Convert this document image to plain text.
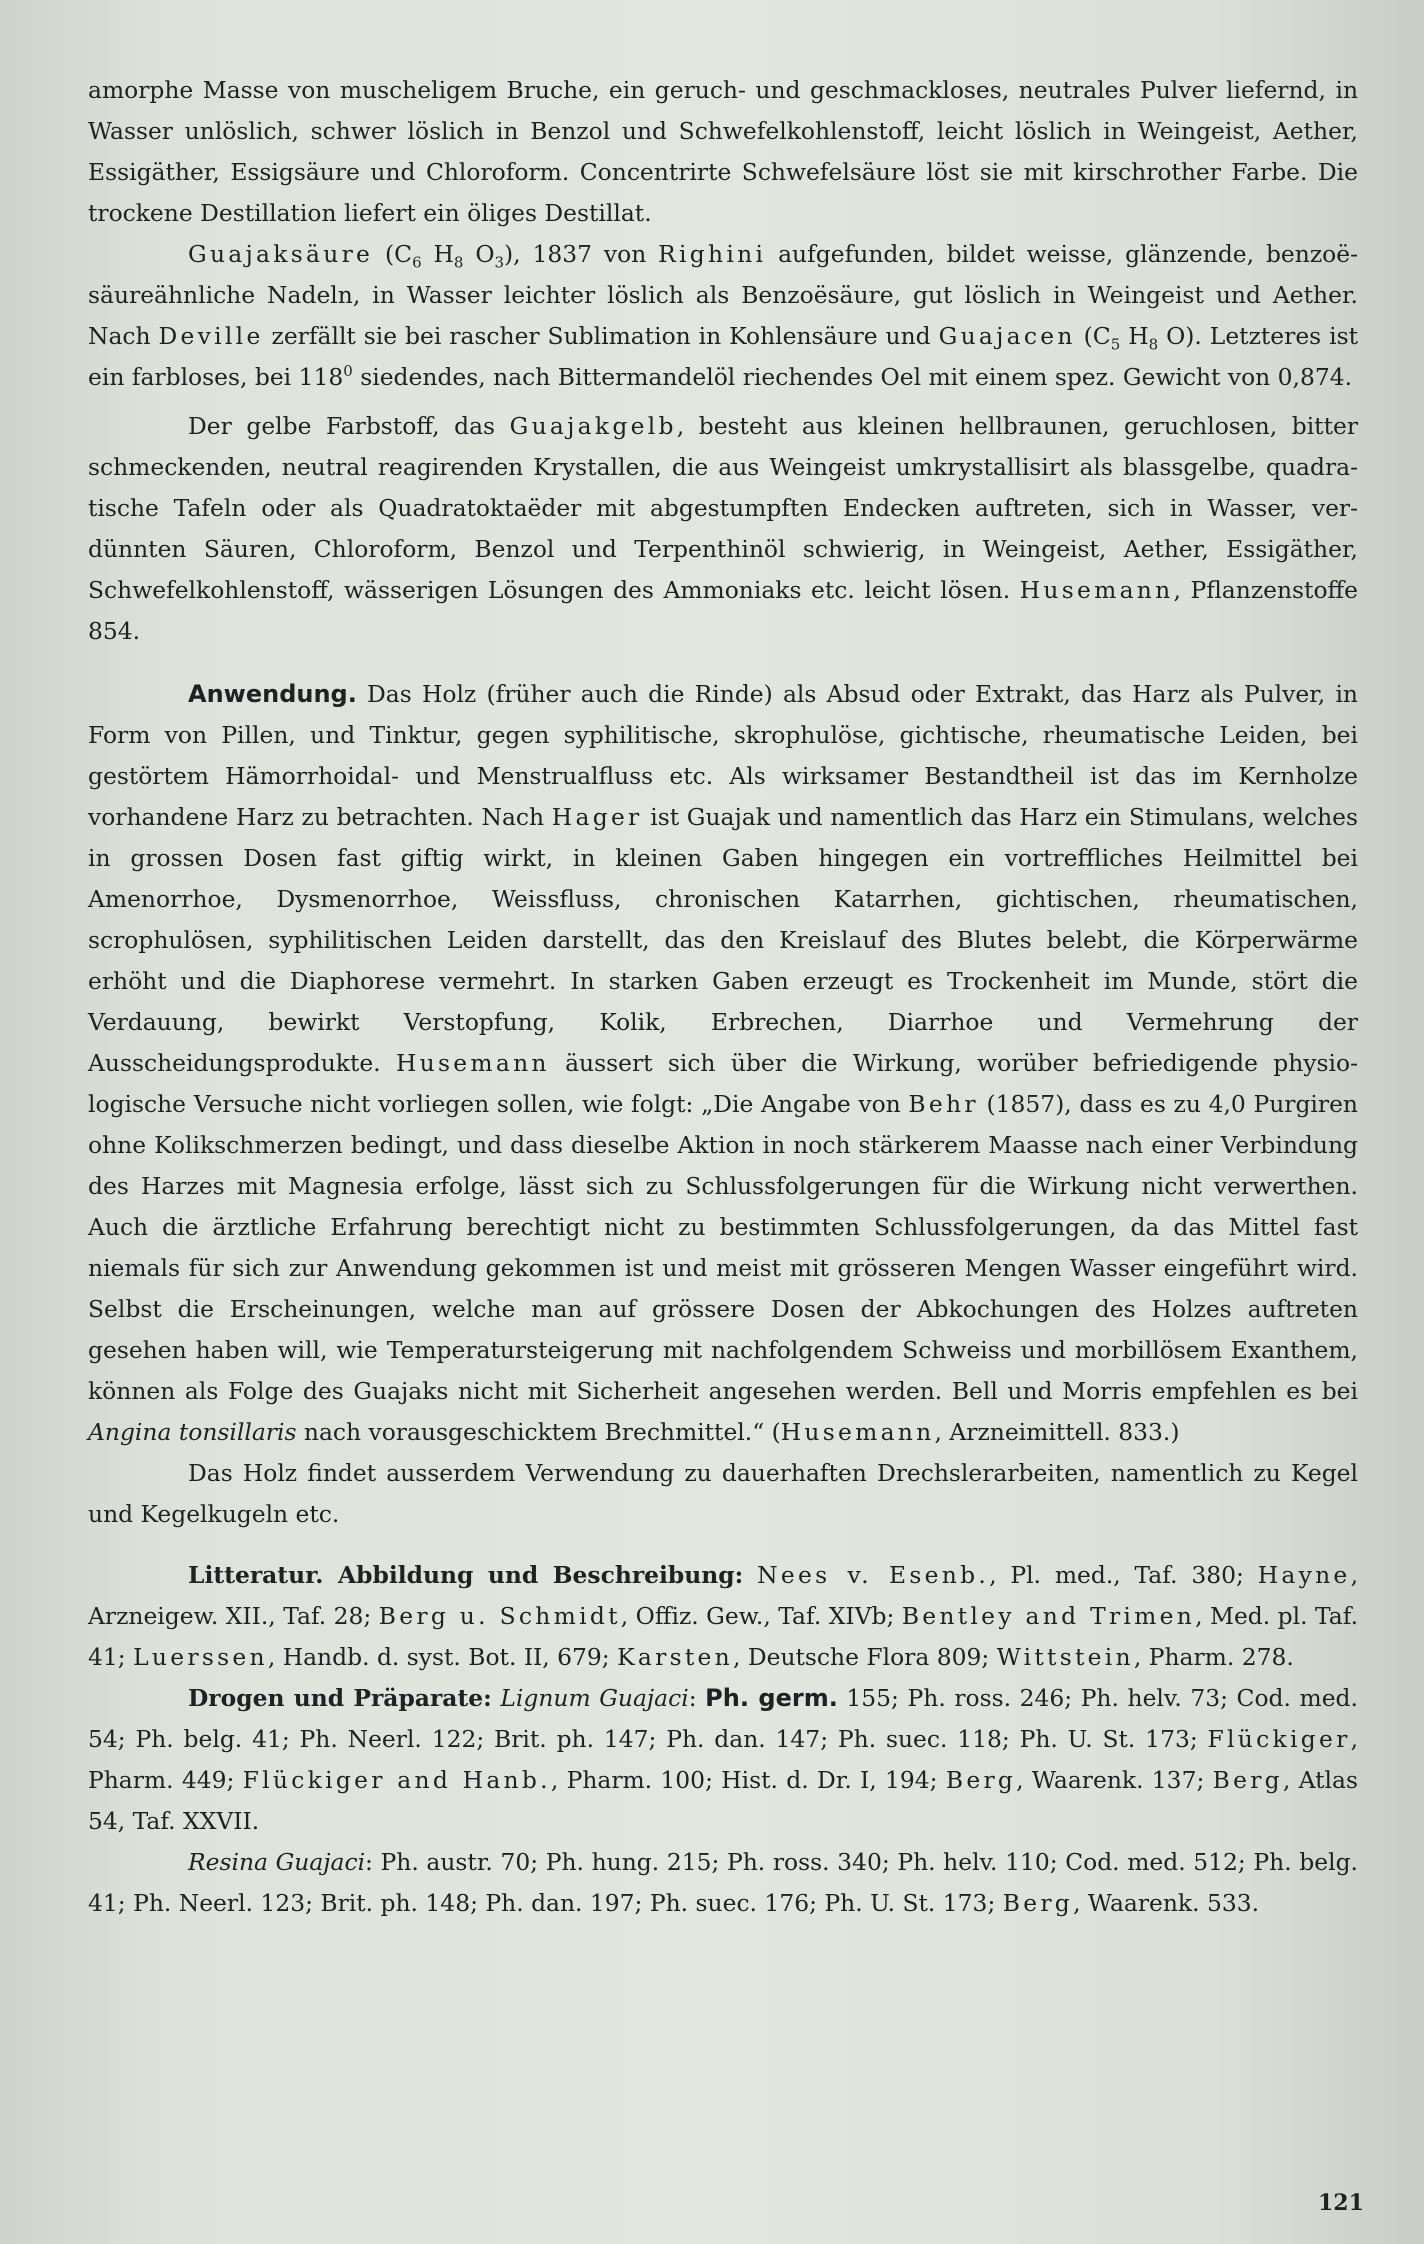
amorphe Masse von muscheligem Bruche, ein geruch- und geschmackloses, neutrales Pulver liefernd, in Wasser unlöslich, schwer löslich in Benzol und Schwefelkohlenstoff, leicht löslich in Weingeist, Aether, Essigäther, Essigsäure und Chloroform. Concentrirte Schwefelsäure löst sie mit kirschrother Farbe. Die trockene Destillation liefert ein öliges Destillat.

Guajaksäure ($C_6$ $H_8$ $O_3$), 1837 von Righini aufgefunden, bildet weisse, glänzende, benzoësäureähnliche Nadeln, in Wasser leichter löslich als Benzoësäure, gut löslich in Weingeist und Aether. Nach Deville zerfällt sie bei rascher Sublimation in Kohlensäure und Guajacen ($C_5$ $H_8$ O). Letzteres ist ein farbloses, bei $118^0$ siedendes, nach Bittermandelöl riechendes Oel mit einem spez. Gewicht von 0,874.

Der gelbe Farbstoff, das Guajakgelb, besteht aus kleinen hellbraunen, geruchlosen, bitter schmeckenden, neutral reagirenden Krystallen, die aus Weingeist umkrystallisirt als blassgelbe, quadratische Tafeln oder als Quadratoktaëder mit abgestumpften Endecken auftreten, sich in Wasser, verdünnten Säuren, Chloroform, Benzol und Terpenthinöl schwierig, in Weingeist, Aether, Essigäther, Schwefelkohlenstoff, wässerigen Lösungen des Ammoniaks etc. leicht lösen. Husemann, Pflanzenstoffe 854.

Anwendung. Das Holz (früher auch die Rinde) als Absud oder Extrakt, das Harz als Pulver, in Form von Pillen, und Tinktur, gegen syphilitische, skrophulöse, gichtische, rheumatische Leiden, bei gestörtem Hämorrhoidal- und Menstrualfluss etc. Als wirksamer Bestandtheil ist das im Kernholze vorhandene Harz zu betrachten. Nach Hager ist Guajak und namentlich das Harz ein Stimulans, welches in grossen Dosen fast giftig wirkt, in kleinen Gaben hingegen ein vortreffliches Heilmittel bei Amenorrhoe, Dysmenorrhoe, Weissfluss, chronischen Katarrhen, gichtischen, rheumatischen, scrophulösen, syphilitischen Leiden darstellt, das den Kreislauf des Blutes belebt, die Körperwärme erhöht und die Diaphorese vermehrt. In starken Gaben erzeugt es Trockenheit im Munde, stört die Verdauung, bewirkt Verstopfung, Kolik, Erbrechen, Diarrhoe und Vermehrung der Ausscheidungsprodukte. Husemann äussert sich über die Wirkung, worüber befriedigende physiologische Versuche nicht vorliegen sollen, wie folgt: „Die Angabe von Behr (1857), dass es zu 4,0 Purgiren ohne Kolikschmerzen bedingt, und dass dieselbe Aktion in noch stärkerem Maasse nach einer Verbindung des Harzes mit Magnesia erfolge, lässt sich zu Schlussfolgerungen für die Wirkung nicht verwerthen. Auch die ärztliche Erfahrung berechtigt nicht zu bestimmten Schlussfolgerungen, da das Mittel fast niemals für sich zur Anwendung gekommen ist und meist mit grösseren Mengen Wasser eingeführt wird. Selbst die Erscheinungen, welche man auf grössere Dosen der Abkochungen des Holzes auftreten gesehen haben will, wie Temperatursteigerung mit nachfolgendem Schweiss und morbillösem Exanthem, können als Folge des Guajaks nicht mit Sicherheit angesehen werden. Bell und Morris empfehlen es bei Angina tonsillaris nach vorausgeschicktem Brechmittel.“ (Husemann, Arzneimittell. 833.)

Das Holz findet ausserdem Verwendung zu dauerhaften Drechslerarbeiten, namentlich zu Kegel und Kegelkugeln etc.

Litteratur. Abbildung und Beschreibung: Nees v. Esenb., Pl. med., Taf. 380; Hayne, Arzneigew. XII., Taf. 28; Berg u. Schmidt, Offiz. Gew., Taf. XIVb; Bentley and Trimen, Med. pl. Taf. 41; Luerssen, Handb. d. syst. Bot. II, 679; Karsten, Deutsche Flora 809; Wittstein, Pharm. 278.

Drogen und Präparate: Lignum Guajaci: Ph. germ. 155; Ph. ross. 246; Ph. helv. 73; Cod. med. 54; Ph. belg. 41; Ph. Neerl. 122; Brit. ph. 147; Ph. dan. 147; Ph. suec. 118; Ph. U. St. 173; Flückiger, Pharm. 449; Flückiger and Hanb., Pharm. 100; Hist. d. Dr. I, 194; Berg, Waarenk. 137; Berg, Atlas 54, Taf. XXVII.

Resina Guajaci: Ph. austr. 70; Ph. hung. 215; Ph. ross. 340; Ph. helv. 110; Cod. med. 512; Ph. belg. 41; Ph. Neerl. 123; Brit. ph. 148; Ph. dan. 197; Ph. suec. 176; Ph. U. St. 173; Berg, Waarenk. 533.

121
